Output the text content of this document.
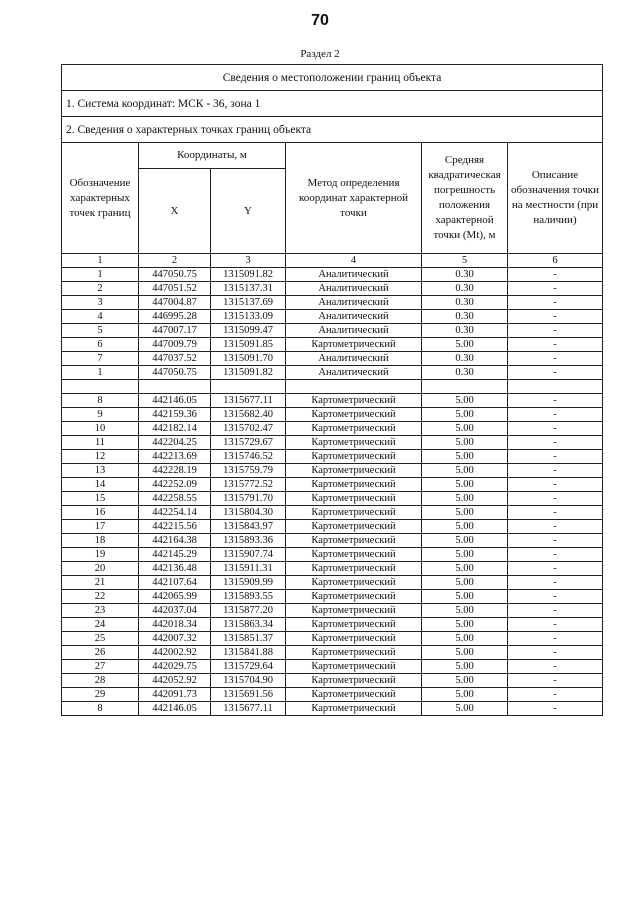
70
Раздел 2
Сведения о местоположении границ объекта					
1. Система координат: МСК - 36, зона 1					
2. Сведения о характерных точках границ объекта					
Обозначение характерных точек границ	Координаты, м		Метод определения координат характерной точки	Средняя квадратическая погрешность положения характерной точки (Mt), м	Описание обозначения точки на местности (при наличии)
	X	Y			
1	2	3	4	5	6
1	447050.75	1315091.82	Аналитический	0.30	-
2	447051.52	1315137.31	Аналитический	0.30	-
3	447004.87	1315137.69	Аналитический	0.30	-
4	446995.28	1315133.09	Аналитический	0.30	-
5	447007.17	1315099.47	Аналитический	0.30	-
6	447009.79	1315091.85	Картометрический	5.00	-
7	447037.52	1315091.70	Аналитический	0.30	-
1	447050.75	1315091.82	Аналитический	0.30	-

8	442146.05	1315677.11	Картометрический	5.00	-
9	442159.36	1315682.40	Картометрический	5.00	-
10	442182.14	1315702.47	Картометрический	5.00	-
11	442204.25	1315729.67	Картометрический	5.00	-
12	442213.69	1315746.52	Картометрический	5.00	-
13	442228.19	1315759.79	Картометрический	5.00	-
14	442252.09	1315772.52	Картометрический	5.00	-
15	442258.55	1315791.70	Картометрический	5.00	-
16	442254.14	1315804.30	Картометрический	5.00	-
17	442215.56	1315843.97	Картометрический	5.00	-
18	442164.38	1315893.36	Картометрический	5.00	-
19	442145.29	1315907.74	Картометрический	5.00	-
20	442136.48	1315911.31	Картометрический	5.00	-
21	442107.64	1315909.99	Картометрический	5.00	-
22	442065.99	1315893.55	Картометрический	5.00	-
23	442037.04	1315877.20	Картометрический	5.00	-
24	442018.34	1315863.34	Картометрический	5.00	-
25	442007.32	1315851.37	Картометрический	5.00	-
26	442002.92	1315841.88	Картометрический	5.00	-
27	442029.75	1315729.64	Картометрический	5.00	-
28	442052.92	1315704.90	Картометрический	5.00	-
29	442091.73	1315691.56	Картометрический	5.00	-
8	442146.05	1315677.11	Картометрический	5.00	-
